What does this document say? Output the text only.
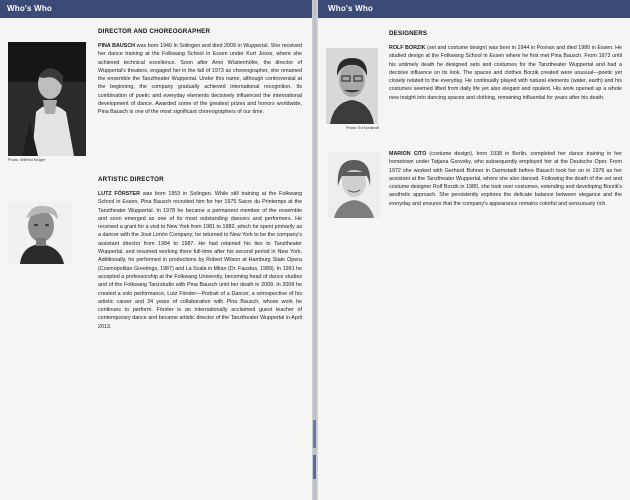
Who's Who
DIRECTOR AND CHOREOGRAPHER
Photo: Wilfried Krüger
PINA BAUSCH was born 1940 in Solingen and died 2009 in Wuppertal. She received her dance training at the Folkwang School in Essen under Kurt Jooss, where she achieved technical excellence. Soon after Arno Wüstenhöfer, the director of Wuppertal's theaters, engaged her in the fall of 1973 as choreographer, she renamed the ensemble the Tanztheater Wuppertal. Under this name, although controversial at the beginning, the company gradually achieved international recognition. Its combination of poetic and everyday elements decisively influenced the international development of dance. Awarded some of the greatest prizes and honors worldwide, Pina Bausch is one of the most significant choreographers of our time.
ARTISTIC DIRECTOR
LUTZ FÖRSTER was born 1953 in Solingen. While still training at the Folkwang School in Essen, Pina Bausch recruited him for her 1975 Sacre du Printemps at the Tanztheater Wuppertal. In 1978 he became a permanent member of the ensemble and soon emerged as one of its most outstanding dancers and performers. He received a grant for a visit to New York from 1981 to 1982, which he spent primarily as a dancer with the José Limón Company; he returned to New York to be the company's assistant director from 1984 to 1987. He had retained his ties to Tanztheater Wuppertal, and resumed working there full-time after his second period in New York. Additionally, he performed in productions by Robert Wilson at Hamburg State Opera (Cosmopolitan Greetings, 1987) and La Scala in Milan (Dr. Faustus, 1989). In 1991 he accepted a professorship at the Folkwang University, becoming head of dance studies and of the Folkwang Tanzstudio with Pina Bausch until her death in 2009. In 2009 he created a solo performance, Lutz Förster—Portrait of a Dancer, a retrospective of his artistic career and 34 years of collaboration with Pina Bausch, whose work he continues to perform. Förster is an internationally acclaimed guest teacher of contemporary dance and became artistic director of the Tanztheater Wuppertal in April 2013.
Who's Who
DESIGNERS
Photo: Ed Kortlandt
ROLF BORZIK (set and costume design) was born in 1944 in Posnan and died 1980 in Essen. He studied design at the Folkwang School in Essen where he first met Pina Bausch. From 1973 until his untimely death he designed sets and costumes for the Tanztheater Wuppertal and had a decisive influence on its look. The spaces and clothes Borzik created were unusual—poetic yet closely related to the everyday. He continually played with natural elements (water, earth) and his costumes seemed lifted from daily life yet also elegant and opulent. His work opened up a whole new insight into dancing spaces and clothing, remaining influential for years after his death.
MARION CITO (costume design), born 1938 in Berlin, completed her dance training in her hometown under Tatjana Gsovsky, who subsequently employed her at the Deutsche Oper. From 1972 she worked with Gerhard Bohner in Darmstadt before Bausch took her on in 1976 as her assistant at the Tanztheater Wuppertal, where she also danced. Following the death of the set and costume designer Rolf Borzik in 1980, she took over costumes, extending and developing Borzik's aesthetic approach. She persistently explores the delicate balance between elegance and the everyday and ensures that the company's appearance remains colorful and sensuously rich.
